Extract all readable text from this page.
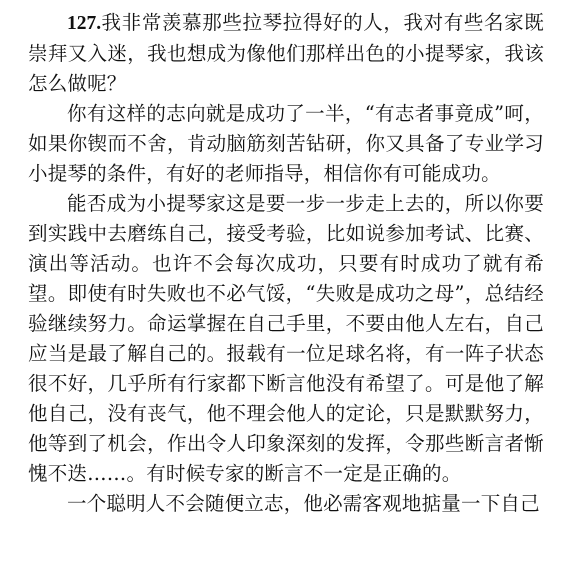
127.我非常羡慕那些拉琴拉得好的人，我对有些名家既崇拜又入迷，我也想成为像他们那样出色的小提琴家，我该怎么做呢？

你有这样的志向就是成功了一半，“有志者事竟成”呵，如果你锲而不舍，肯动脑筋刻苦钻研，你又具备了专业学习小提琴的条件，有好的老师指导，相信你有可能成功。

能否成为小提琴家这是要一步一步走上去的，所以你要到实践中去磨练自己，接受考验，比如说参加考试、比赛、演出等活动。也许不会每次成功，只要有时成功了就有希望。即使有时失败也不必气馁，“失败是成功之母”，总结经验继续努力。命运掌握在自己手里，不要由他人左右，自己应当是最了解自己的。报载有一位足球名将，有一阵子状态很不好，几乎所有行家都下断言他没有希望了。可是他了解他自己，没有丧气，他不理会他人的定论，只是默默努力，他等到了机会，作出令人印象深刻的发挥，令那些断言者惭愧不迭……。有时候专家的断言不一定是正确的。

一个聪明人不会随便立志，他必需客观地掂量一下自己
